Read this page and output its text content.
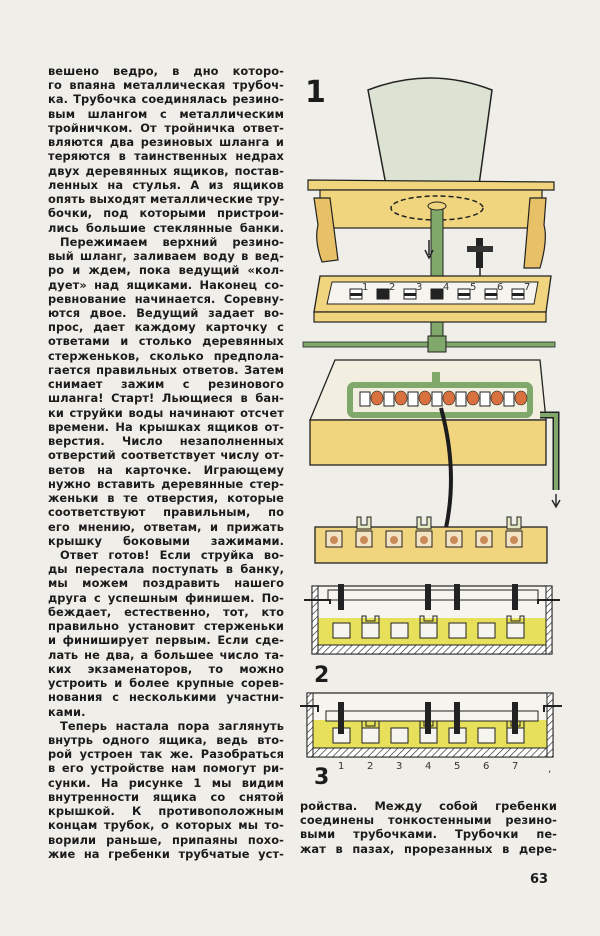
вешено ведро, в дно которо-
го впаяна металлическая трубоч-
ка. Трубочка соединялась резино-
вым шлангом с металлическим
тройничком. От тройничка ответ-
вляются два резиновых шланга и
теряются в таинственных недрах
двух деревянных ящиков, постав-
ленных на стулья. А из ящиков
опять выходят металлические тру-
бочки, под которыми пристрои-
лись большие стеклянные банки.
Пережимаем верхний резино-
вый шланг, заливаем воду в вед-
ро и ждем, пока ведущий «кол-
дует» над ящиками. Наконец со-
ревнование начинается. Соревну-
ются двое. Ведущий задает во-
прос, дает каждому карточку с
ответами и столько деревянных
стерженьков, сколько предпола-
гается правильных ответов. Затем
снимает зажим с резинового
шланга! Старт! Льющиеся в бан-
ки струйки воды начинают отсчет
времени. На крышках ящиков от-
верстия. Число незаполненных
отверстий соответствует числу от-
ветов на карточке. Играющему
нужно вставить деревянные стер-
женьки в те отверстия, которые
соответствуют правильным, по
его мнению, ответам, и прижать
крышку боковыми зажимами.
Ответ готов! Если струйка во-
ды перестала поступать в банку,
мы можем поздравить нашего
друга с успешным финишем. По-
беждает, естественно, тот, кто
правильно установит стерженьки
и финиширует первым. Если сде-
лать не два, а большее число та-
ких экзаменаторов, то можно
устроить и более крупные сорев-
нования с несколькими участни-
ками.
Теперь настала пора заглянуть
внутрь одного ящика, ведь вто-
рой устроен так же. Разобраться
в его устройстве нам помогут ри-
сунки. На рисунке 1 мы видим
внутренности ящика со снятой
крышкой. К противоположным
концам трубок, о которых мы то-
ворили раньше, припаяны похо-
жие на гребенки трубчатые уст-
ройства. Между собой гребенки
соединены тонкостенными резино-
выми трубочками. Трубочки пе-
жат в пазах, прорезанных в дере-
63
1
1 2 3 4 5 6 7
2
1 2 3 4 5 6 7	,
3
